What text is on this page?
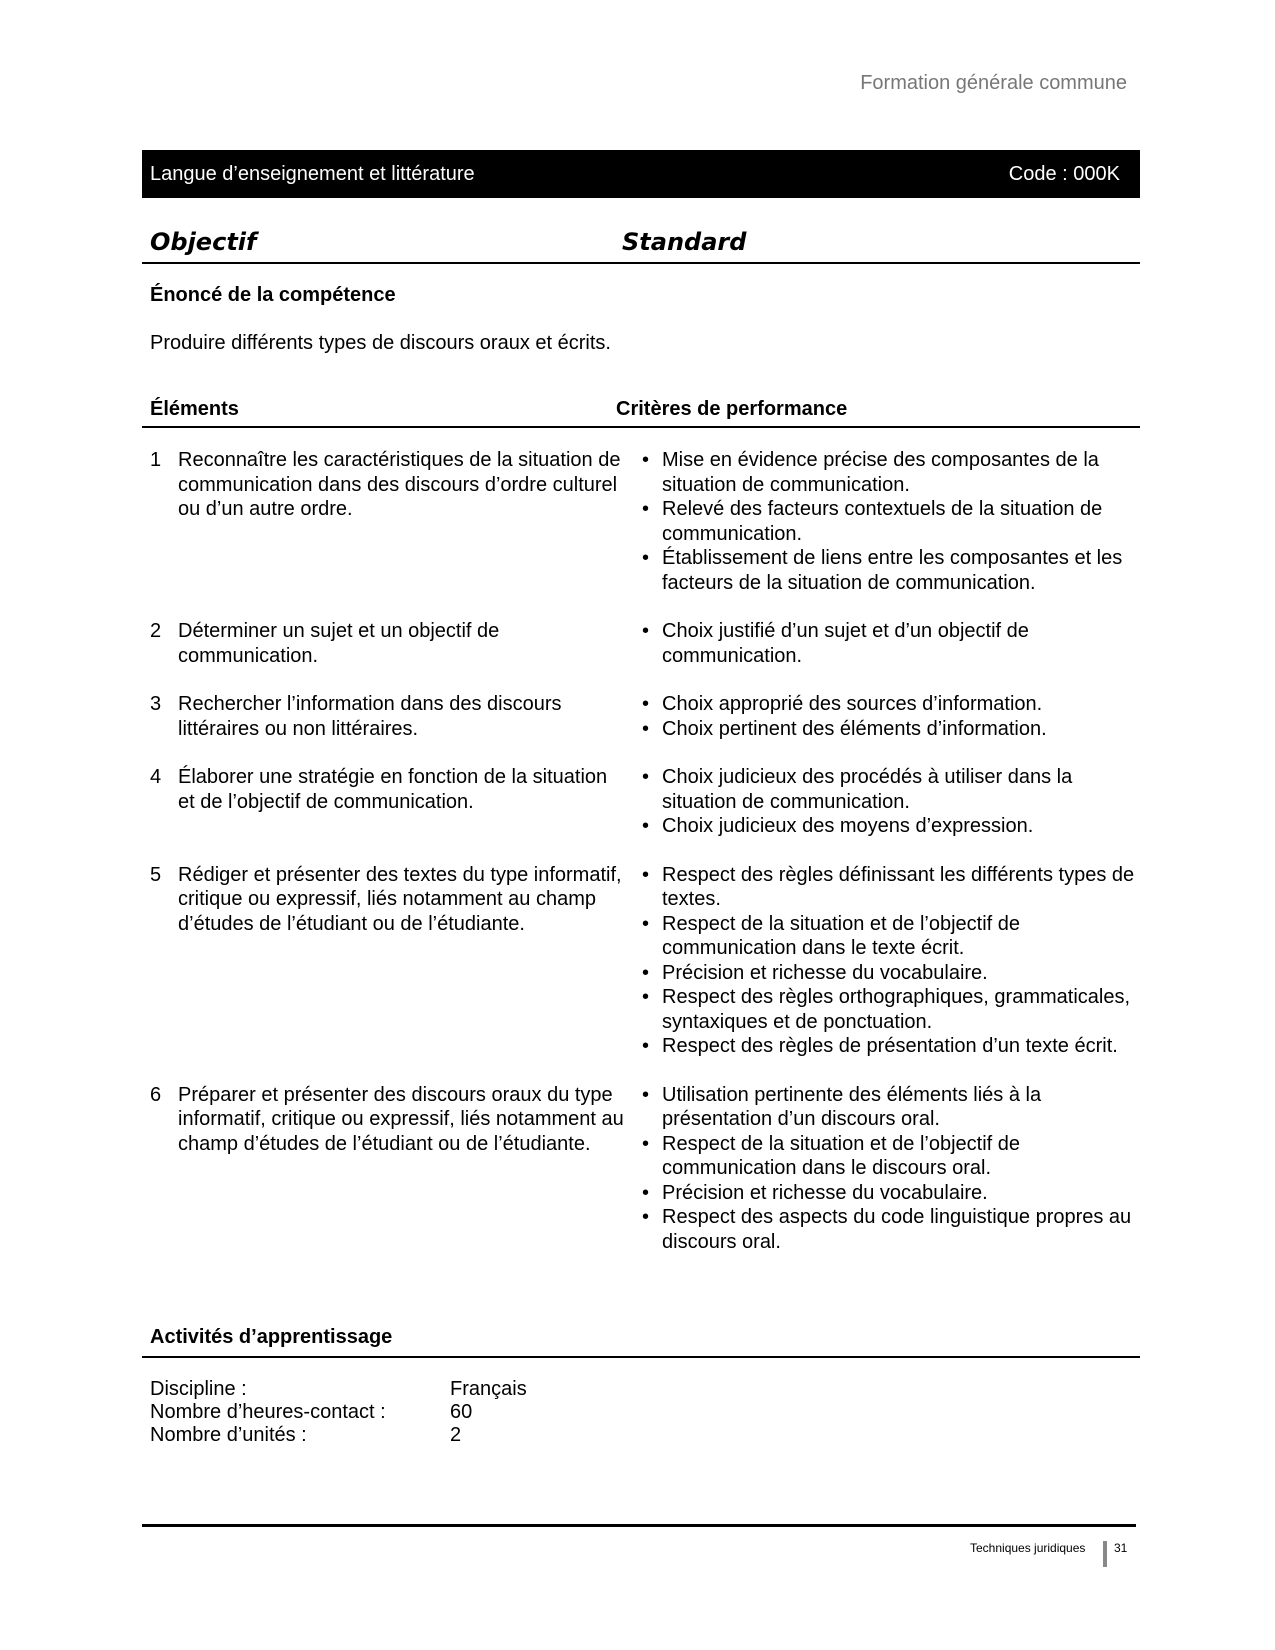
Formation générale commune
Langue d’enseignement et littérature	Code : 000K
Objectif	Standard
Énoncé de la compétence
Produire différents types de discours oraux et écrits.
Éléments	Critères de performance
1 Reconnaître les caractéristiques de la situation de communication dans des discours d’ordre culturel ou d’un autre ordre.
• Mise en évidence précise des composantes de la situation de communication.
• Relevé des facteurs contextuels de la situation de communication.
• Établissement de liens entre les composantes et les facteurs de la situation de communication.
2 Déterminer un sujet et un objectif de communication.
• Choix justifié d’un sujet et d’un objectif de communication.
3 Rechercher l’information dans des discours littéraires ou non littéraires.
• Choix approprié des sources d’information.
• Choix pertinent des éléments d’information.
4 Élaborer une stratégie en fonction de la situation et de l’objectif de communication.
• Choix judicieux des procédés à utiliser dans la situation de communication.
• Choix judicieux des moyens d’expression.
5 Rédiger et présenter des textes du type informatif, critique ou expressif, liés notamment au champ d’études de l’étudiant ou de l’étudiante.
• Respect des règles définissant les différents types de textes.
• Respect de la situation et de l’objectif de communication dans le texte écrit.
• Précision et richesse du vocabulaire.
• Respect des règles orthographiques, grammaticales, syntaxiques et de ponctuation.
• Respect des règles de présentation d’un texte écrit.
6 Préparer et présenter des discours oraux du type informatif, critique ou expressif, liés notamment au champ d’études de l’étudiant ou de l’étudiante.
• Utilisation pertinente des éléments liés à la présentation d’un discours oral.
• Respect de la situation et de l’objectif de communication dans le discours oral.
• Précision et richesse du vocabulaire.
• Respect des aspects du code linguistique propres au discours oral.
Activités d’apprentissage
Discipline :	Français
Nombre d’heures-contact :	60
Nombre d’unités :	2
Techniques juridiques 31
